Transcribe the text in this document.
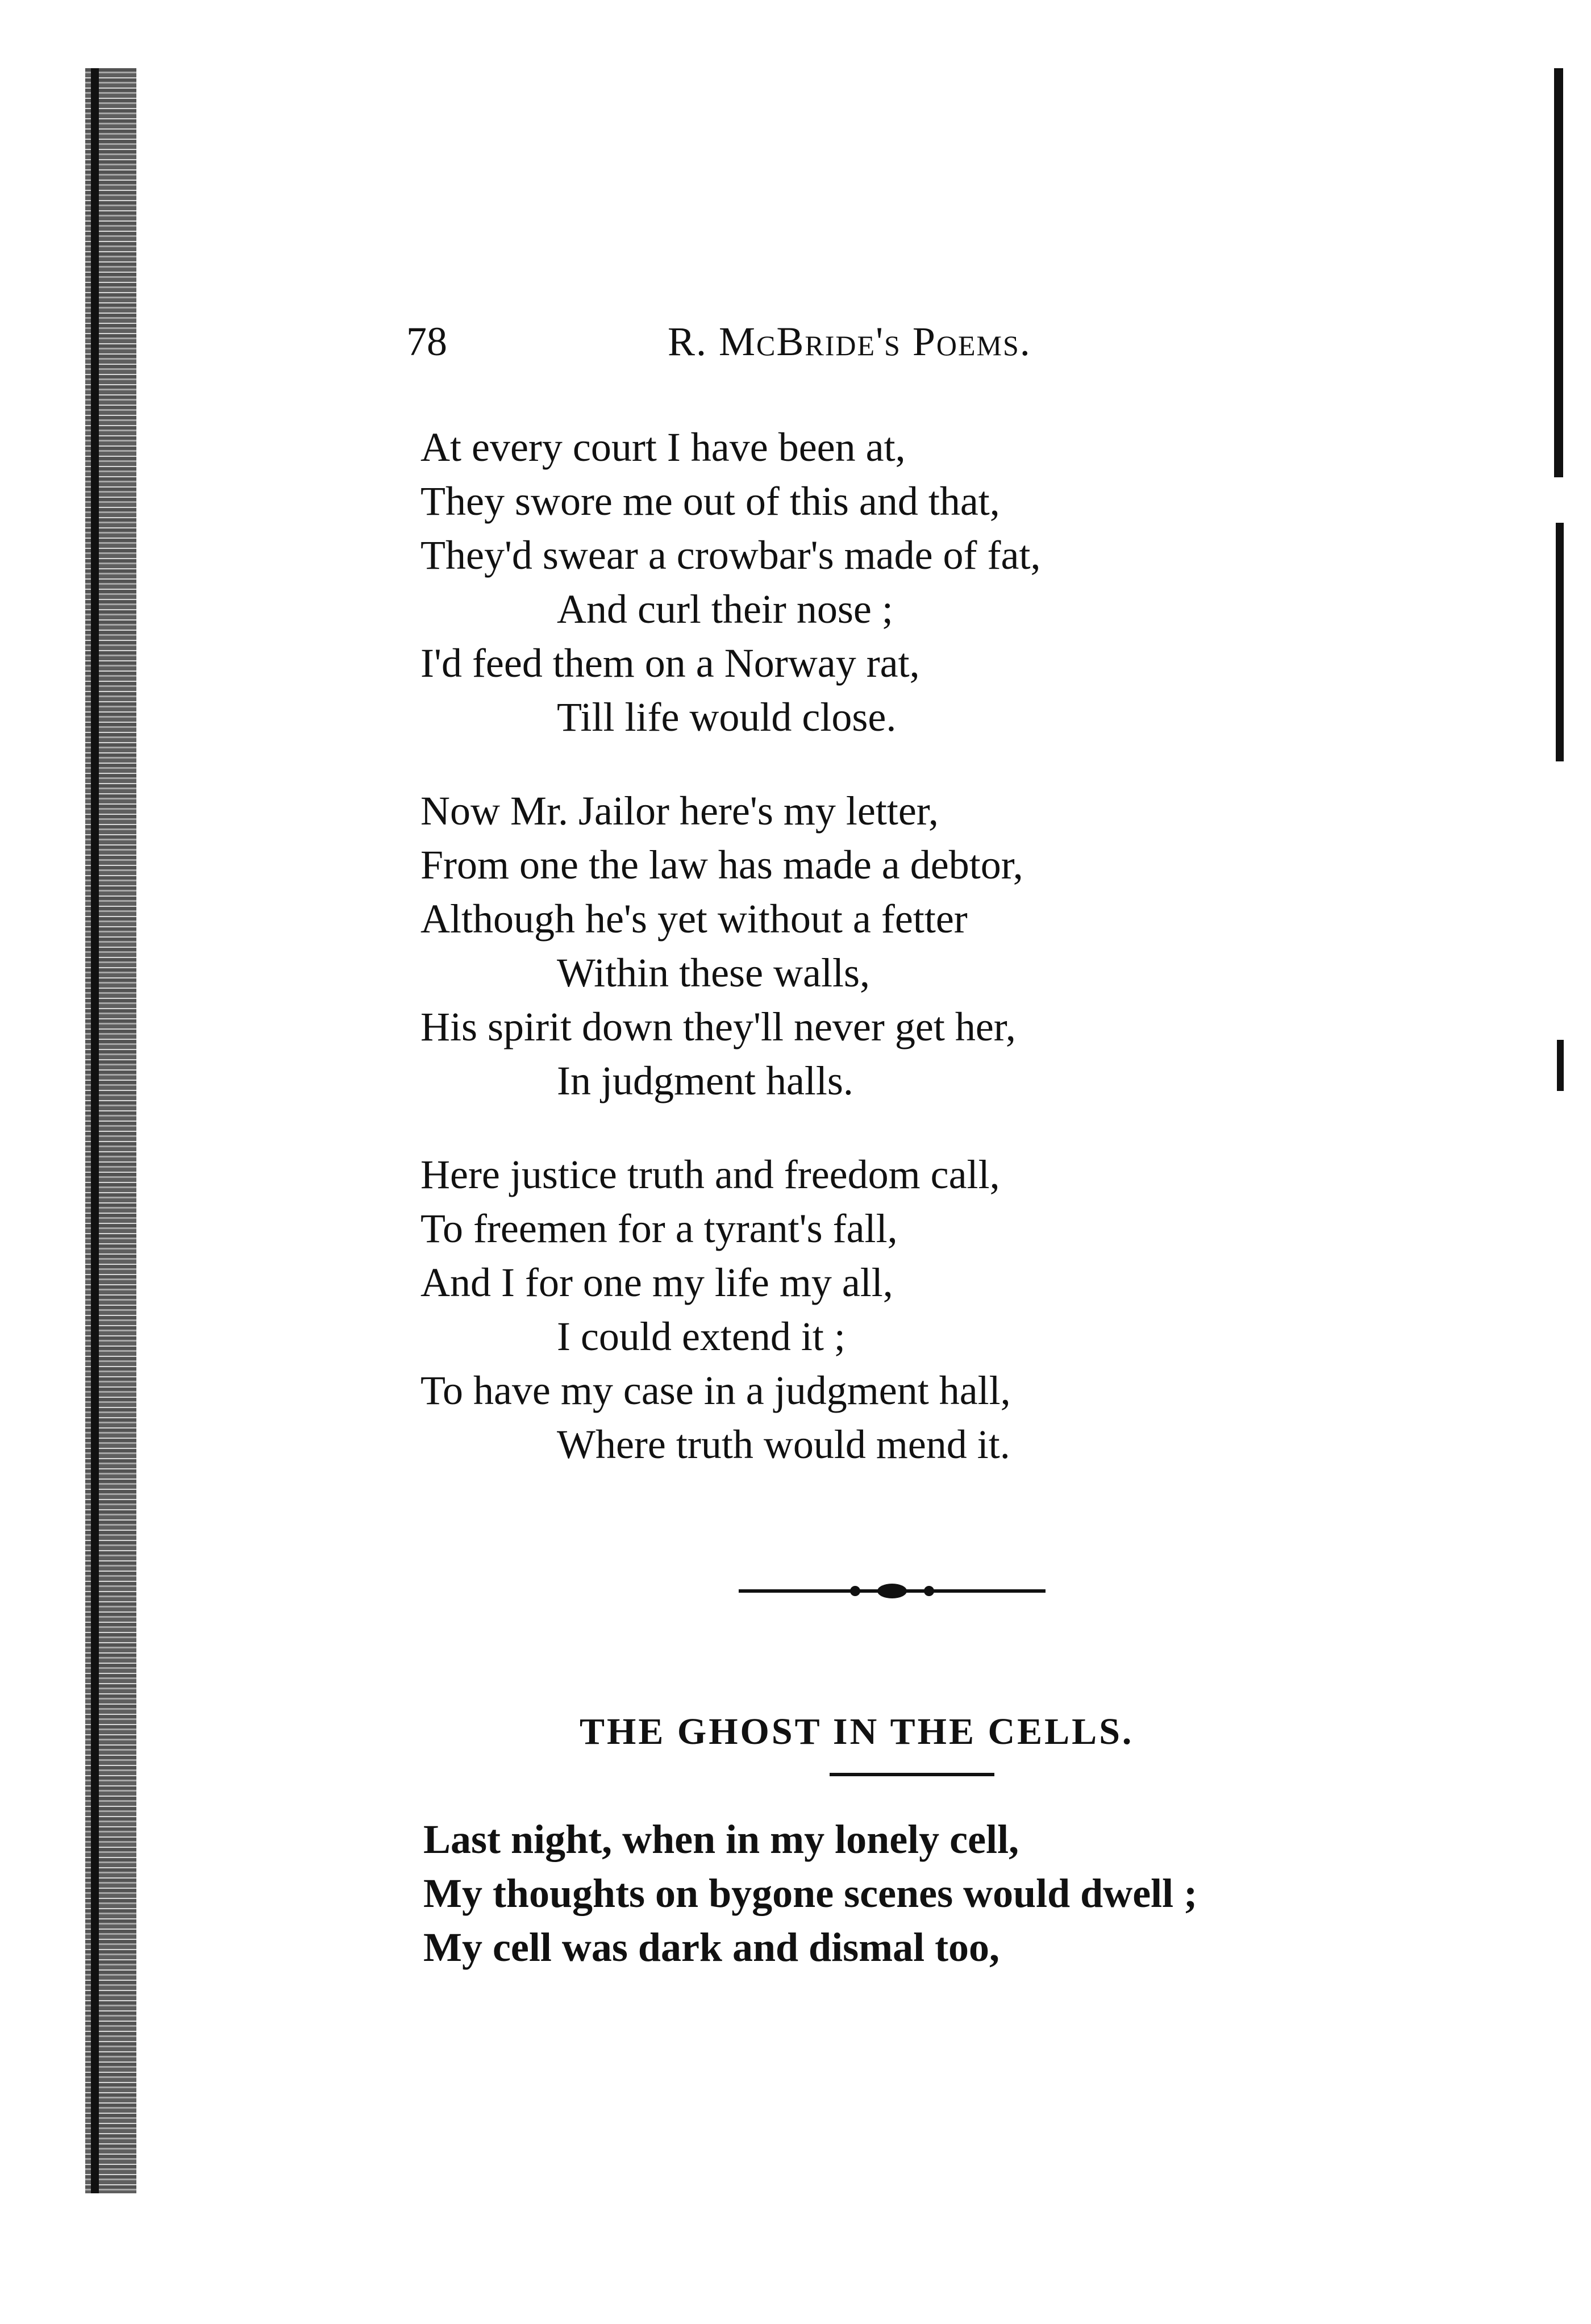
78	R. McBride's Poems.
At every court I have been at,
They swore me out of this and that,
They'd swear a crowbar's made of fat,
And curl their nose ;
I'd feed them on a Norway rat,
Till life would close.
Now Mr. Jailor here's my letter,
From one the law has made a debtor,
Although he's yet without a fetter
Within these walls,
His spirit down they'll never get her,
In judgment halls.
Here justice truth and freedom call,
To freemen for a tyrant's fall,
And I for one my life my all,
I could extend it ;
To have my case in a judgment hall,
Where truth would mend it.
THE GHOST IN THE CELLS.
Last night, when in my lonely cell,
My thoughts on bygone scenes would dwell ;
My cell was dark and dismal too,
